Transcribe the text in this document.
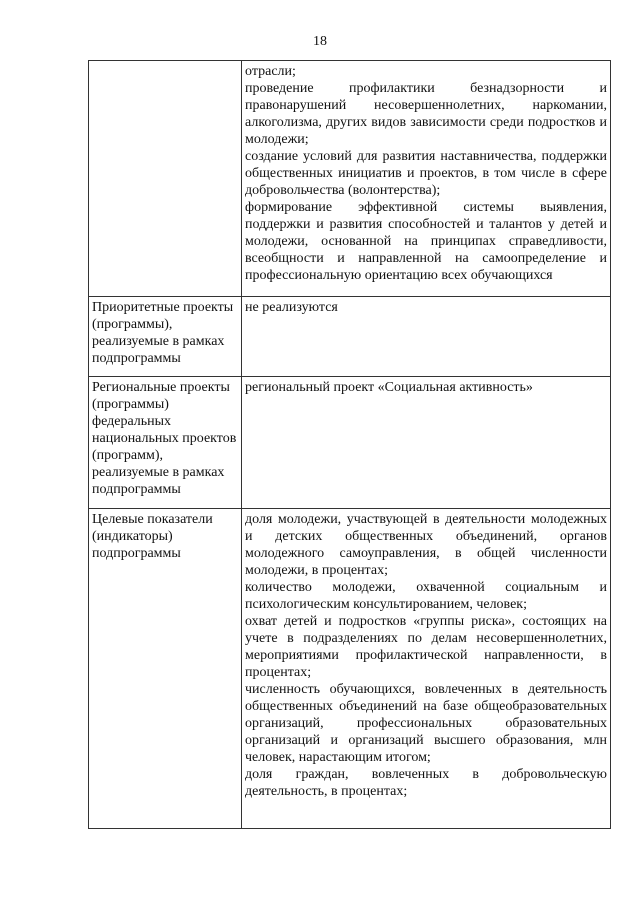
18

	отрасли;
проведение профилактики безнадзорности и правонарушений несовершеннолетних, наркомании, алкоголизма, других видов зависимости среди подростков и молодежи;
создание условий для развития наставничества, поддержки общественных инициатив и проектов, в том числе в сфере добровольчества (волонтерства);
формирование эффективной системы выявления, поддержки и развития способностей и талантов у детей и молодежи, основанной на принципах справедливости, всеобщности и направленной на самоопределение и профессиональную ориентацию всех обучающихся

Приоритетные проекты (программы), реализуемые в рамках подпрограммы	не реализуются

Региональные проекты (программы) федеральных национальных проектов (программ), реализуемые в рамках подпрограммы	региональный проект «Социальная активность»

Целевые показатели (индикаторы) подпрограммы	доля молодежи, участвующей в деятельности молодежных и детских общественных объединений, органов молодежного самоуправления, в общей численности молодежи, в процентах;
количество молодежи, охваченной социальным и психологическим консультированием, человек;
охват детей и подростков «группы риска», состоящих на учете в подразделениях по делам несовершеннолетних, мероприятиями профилактической направленности, в процентах;
численность обучающихся, вовлеченных в деятельность общественных объединений на базе общеобразовательных организаций, профессиональных образовательных организаций и организаций высшего образования, млн человек, нарастающим итогом;
доля граждан, вовлеченных в добровольческую деятельность, в процентах;
